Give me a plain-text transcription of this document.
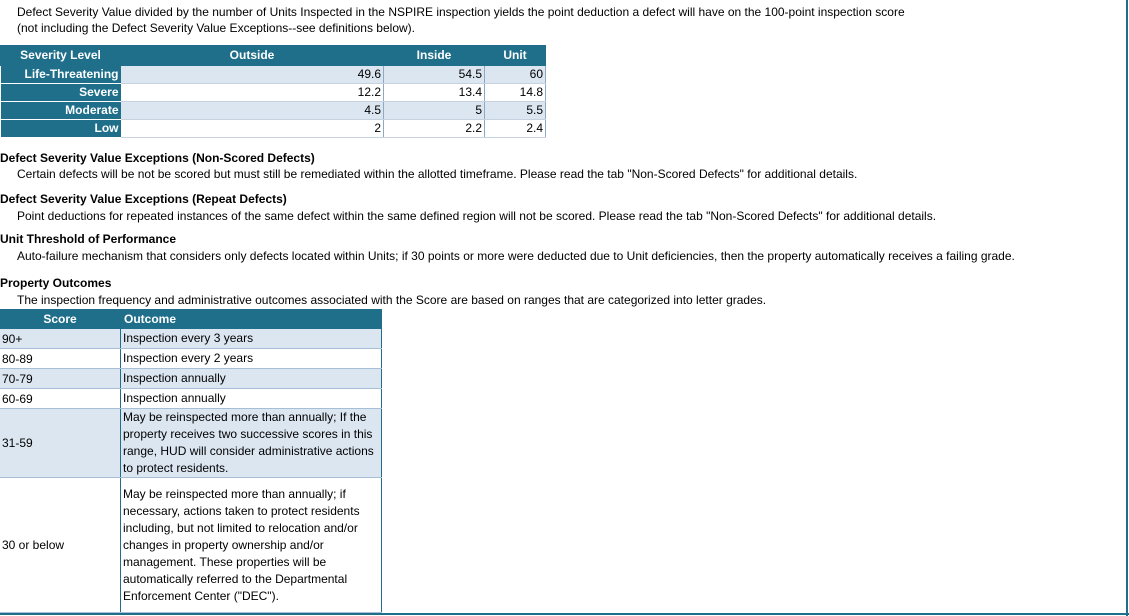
Defect Severity Value divided by the number of Units Inspected in the NSPIRE inspection yields the point deduction a defect will have on the 100-point inspection score
(not including the Defect Severity Value Exceptions--see definitions below).
Severity Level	Outside	Inside	Unit
Life-Threatening	49.6	54.5	60
Severe	12.2	13.4	14.8
Moderate	4.5	5	5.5
Low	2	2.2	2.4
Defect Severity Value Exceptions (Non-Scored Defects)
Certain defects will be not be scored but must still be remediated within the allotted timeframe. Please read the tab "Non-Scored Defects" for additional details.
Defect Severity Value Exceptions (Repeat Defects)
Point deductions for repeated instances of the same defect within the same defined region will not be scored. Please read the tab "Non-Scored Defects" for additional details.
Unit Threshold of Performance
Auto-failure mechanism that considers only defects located within Units; if 30 points or more were deducted due to Unit deficiencies, then the property automatically receives a failing grade.
Property Outcomes
The inspection frequency and administrative outcomes associated with the Score are based on ranges that are categorized into letter grades.
Score	Outcome
90+	Inspection every 3 years
80-89	Inspection every 2 years
70-79	Inspection annually
60-69	Inspection annually
31-59	May be reinspected more than annually; If the property receives two successive scores in this range, HUD will consider administrative actions to protect residents.
30 or below	May be reinspected more than annually; if necessary, actions taken to protect residents including, but not limited to relocation and/or changes in property ownership and/or management. These properties will be automatically referred to the Departmental Enforcement Center ("DEC").
